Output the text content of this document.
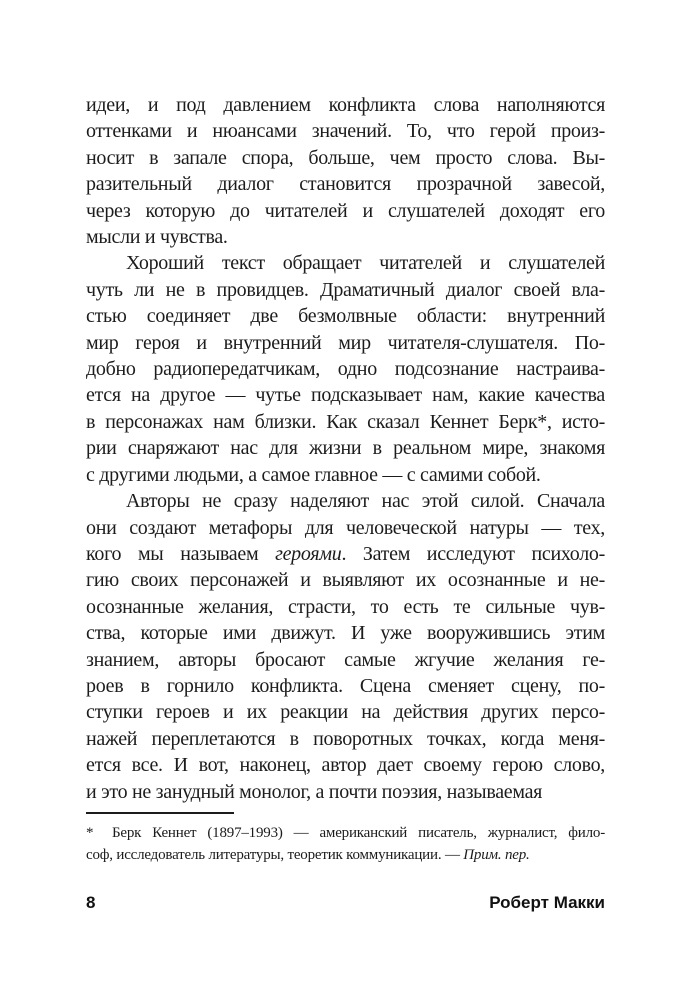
идеи, и под давлением конфликта слова наполняются
оттенками и нюансами значений. То, что герой произ-
носит в запале спора, больше, чем просто слова. Вы-
разительный диалог становится прозрачной завесой,
через которую до читателей и слушателей доходят его
мысли и чувства.
Хороший текст обращает читателей и слушателей
чуть ли не в провидцев. Драматичный диалог своей вла-
стью соединяет две безмолвные области: внутренний
мир героя и внутренний мир читателя-слушателя. По-
добно радиопередатчикам, одно подсознание настраива-
ется на другое — чутье подсказывает нам, какие качества
в персонажах нам близки. Как сказал Кеннет Берк*, исто-
рии снаряжают нас для жизни в реальном мире, знакомя
с другими людьми, а самое главное — с самими собой.
Авторы не сразу наделяют нас этой силой. Сначала
они создают метафоры для человеческой натуры — тех,
кого мы называем героями. Затем исследуют психоло-
гию своих персонажей и выявляют их осознанные и не-
осознанные желания, страсти, то есть те сильные чув-
ства, которые ими движут. И уже вооружившись этим
знанием, авторы бросают самые жгучие желания ге-
роев в горнило конфликта. Сцена сменяет сцену, по-
ступки героев и их реакции на действия других персо-
нажей переплетаются в поворотных точках, когда меня-
ется все. И вот, наконец, автор дает своему герою слово,
и это не занудный монолог, а почти поэзия, называемая
* Берк Кеннет (1897–1993) — американский писатель, журналист, фило-
соф, исследователь литературы, теоретик коммуникации. — Прим. пер.
8	Роберт Макки
